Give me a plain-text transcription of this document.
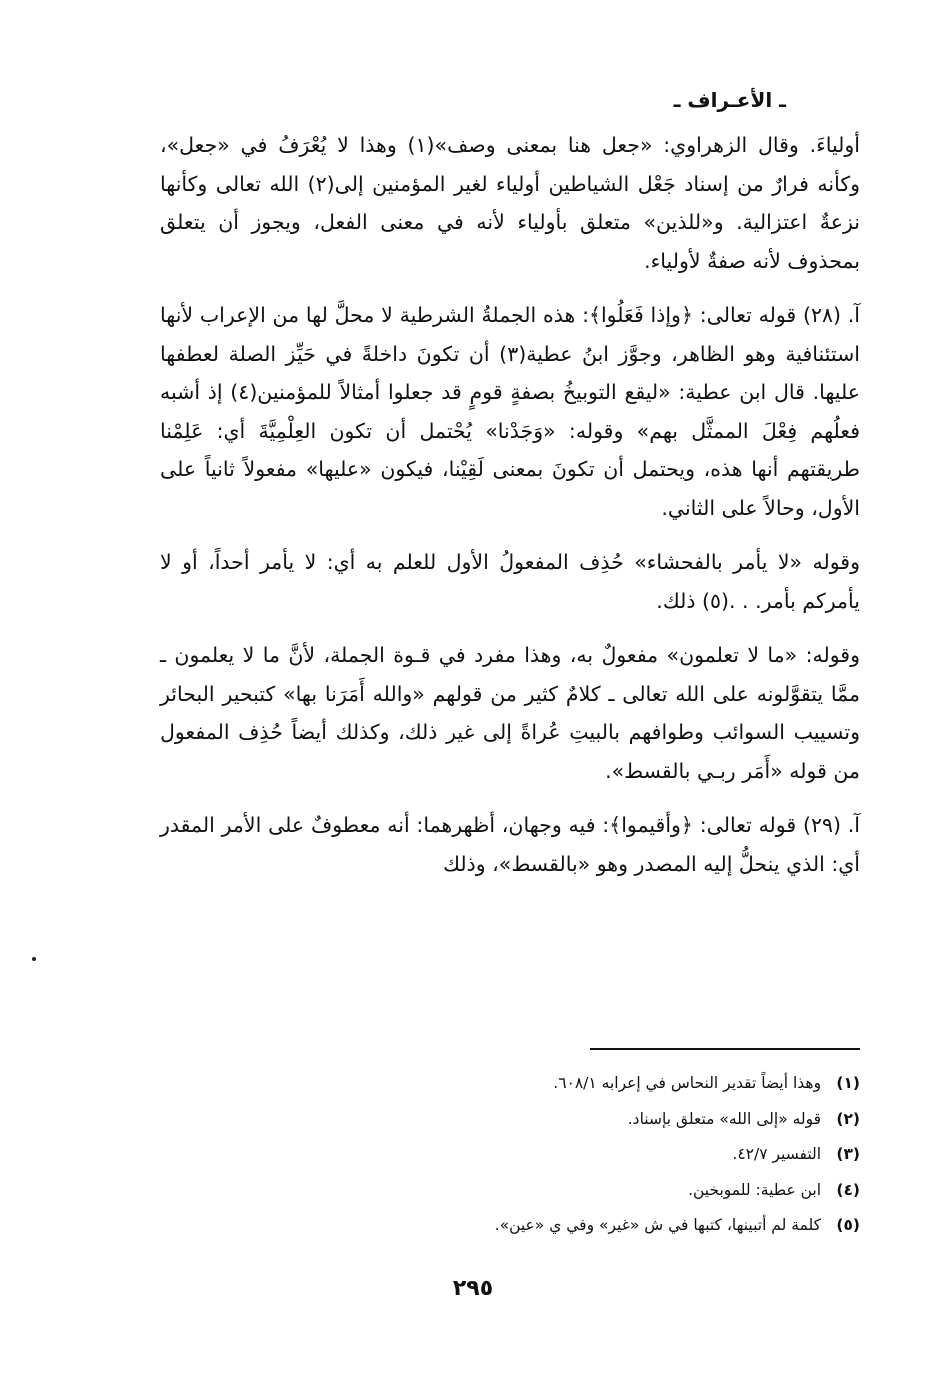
ـ الأعـراف ـ

أولياءَ. وقال الزهراوي: «جعل هنا بمعنى وصف»(١) وهذا لا يُعْرَفُ في «جعل»، وكأنه فرارٌ من إسناد جَعْل الشياطين أولياء لغير المؤمنين إلى(٢) الله تعالى وكأنها نزعةٌ اعتزالية. و«للذين» متعلق بأولياء لأنه في معنى الفعل، ويجوز أن يتعلق بمحذوف لأنه صفةٌ لأولياء.

آ. (٢٨) قوله تعالى: ﴿وإذا فَعَلُوا﴾: هذه الجملةُ الشرطية لا محلَّ لها من الإعراب لأنها استئنافية وهو الظاهر، وجوَّز ابنُ عطية(٣) أن تكونَ داخلةً في حَيِّز الصلة لعطفها عليها. قال ابن عطية: «ليقع التوبيخُ بصفةٍ قومٍ قد جعلوا أمثالاً للمؤمنين(٤) إذ أشبه فعلُهم فِعْلَ الممثَّل بهم» وقوله: «وَجَدْنا» يُحْتمل أن تكون العِلْمِيَّةَ أي: عَلِمْنا طريقتهم أنها هذه، ويحتمل أن تكونَ بمعنى لَقِيْنا، فيكون «عليها» مفعولاً ثانياً على الأول، وحالاً على الثاني.

وقوله «لا يأمر بالفحشاء» حُذِف المفعولُ الأول للعلم به أي: لا يأمر أحداً، أو لا يأمركم بأمر. . .(٥) ذلك.

وقوله: «ما لا تعلمون» مفعولٌ به، وهذا مفرد في قـوة الجملة، لأنَّ ما لا يعلمون ـ ممَّا يتقوَّلونه على الله تعالى ـ كلامٌ كثير من قولهم «والله أَمَرَنا بها» كتبحير البحائر وتسييب السوائب وطوافهم بالبيتِ عُراةً إلى غير ذلك، وكذلك أيضاً حُذِف المفعول من قوله «أَمَر ربـي بالقسط».

آ. (٢٩) قوله تعالى: ﴿وأقيموا﴾: فيه وجهان، أظهرهما: أنه معطوفٌ على الأمر المقدر أي: الذي ينحلُّ إليه المصدر وهو «بالقسط»، وذلك

(١) وهذا أيضاً تقدير النحاس في إعرابه ٦٠٨/١.
(٢) قوله «إلى الله» متعلق بإسناد.
(٣) التفسير ٤٢/٧.
(٤) ابن عطية: للموبخين.
(٥) كلمة لم أتبينها، كتبها في ش «غير» وفي ي «عين».
٢٩٥
